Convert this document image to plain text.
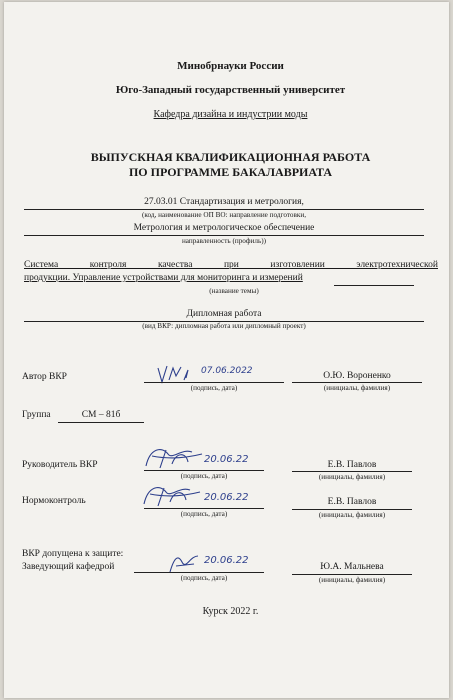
Минобрнауки России
Юго-Западный государственный университет
Кафедра дизайна и индустрии моды
ВЫПУСКНАЯ КВАЛИФИКАЦИОННАЯ РАБОТА
ПО ПРОГРАММЕ БАКАЛАВРИАТА
27.03.01 Стандартизация и метрология,
(код, наименование ОП ВО: направление подготовки,
Метрология и метрологическое обеспечение
направленность (профиль))
Система контроля качества при изготовлении электротехнической
продукции. Управление устройствами для мониторинга и измерений
(название темы)
Дипломная работа
(вид ВКР: дипломная работа или дипломный проект)
Автор ВКР
07.06.2022
(подпись, дата)
О.Ю. Вороненко
(инициалы, фамилия)
Группа	СМ – 81б
Руководитель ВКР	20.06.22
(подпись, дата)
Е.В. Павлов
(инициалы, фамилия)
Нормоконтроль	20.06.22
(подпись, дата)
Е.В. Павлов
(инициалы, фамилия)
ВКР допущена к защите:
Заведующий кафедрой
20.06.22
(подпись, дата)
Ю.А. Мальнева
(инициалы, фамилия)
Курск 2022 г.
